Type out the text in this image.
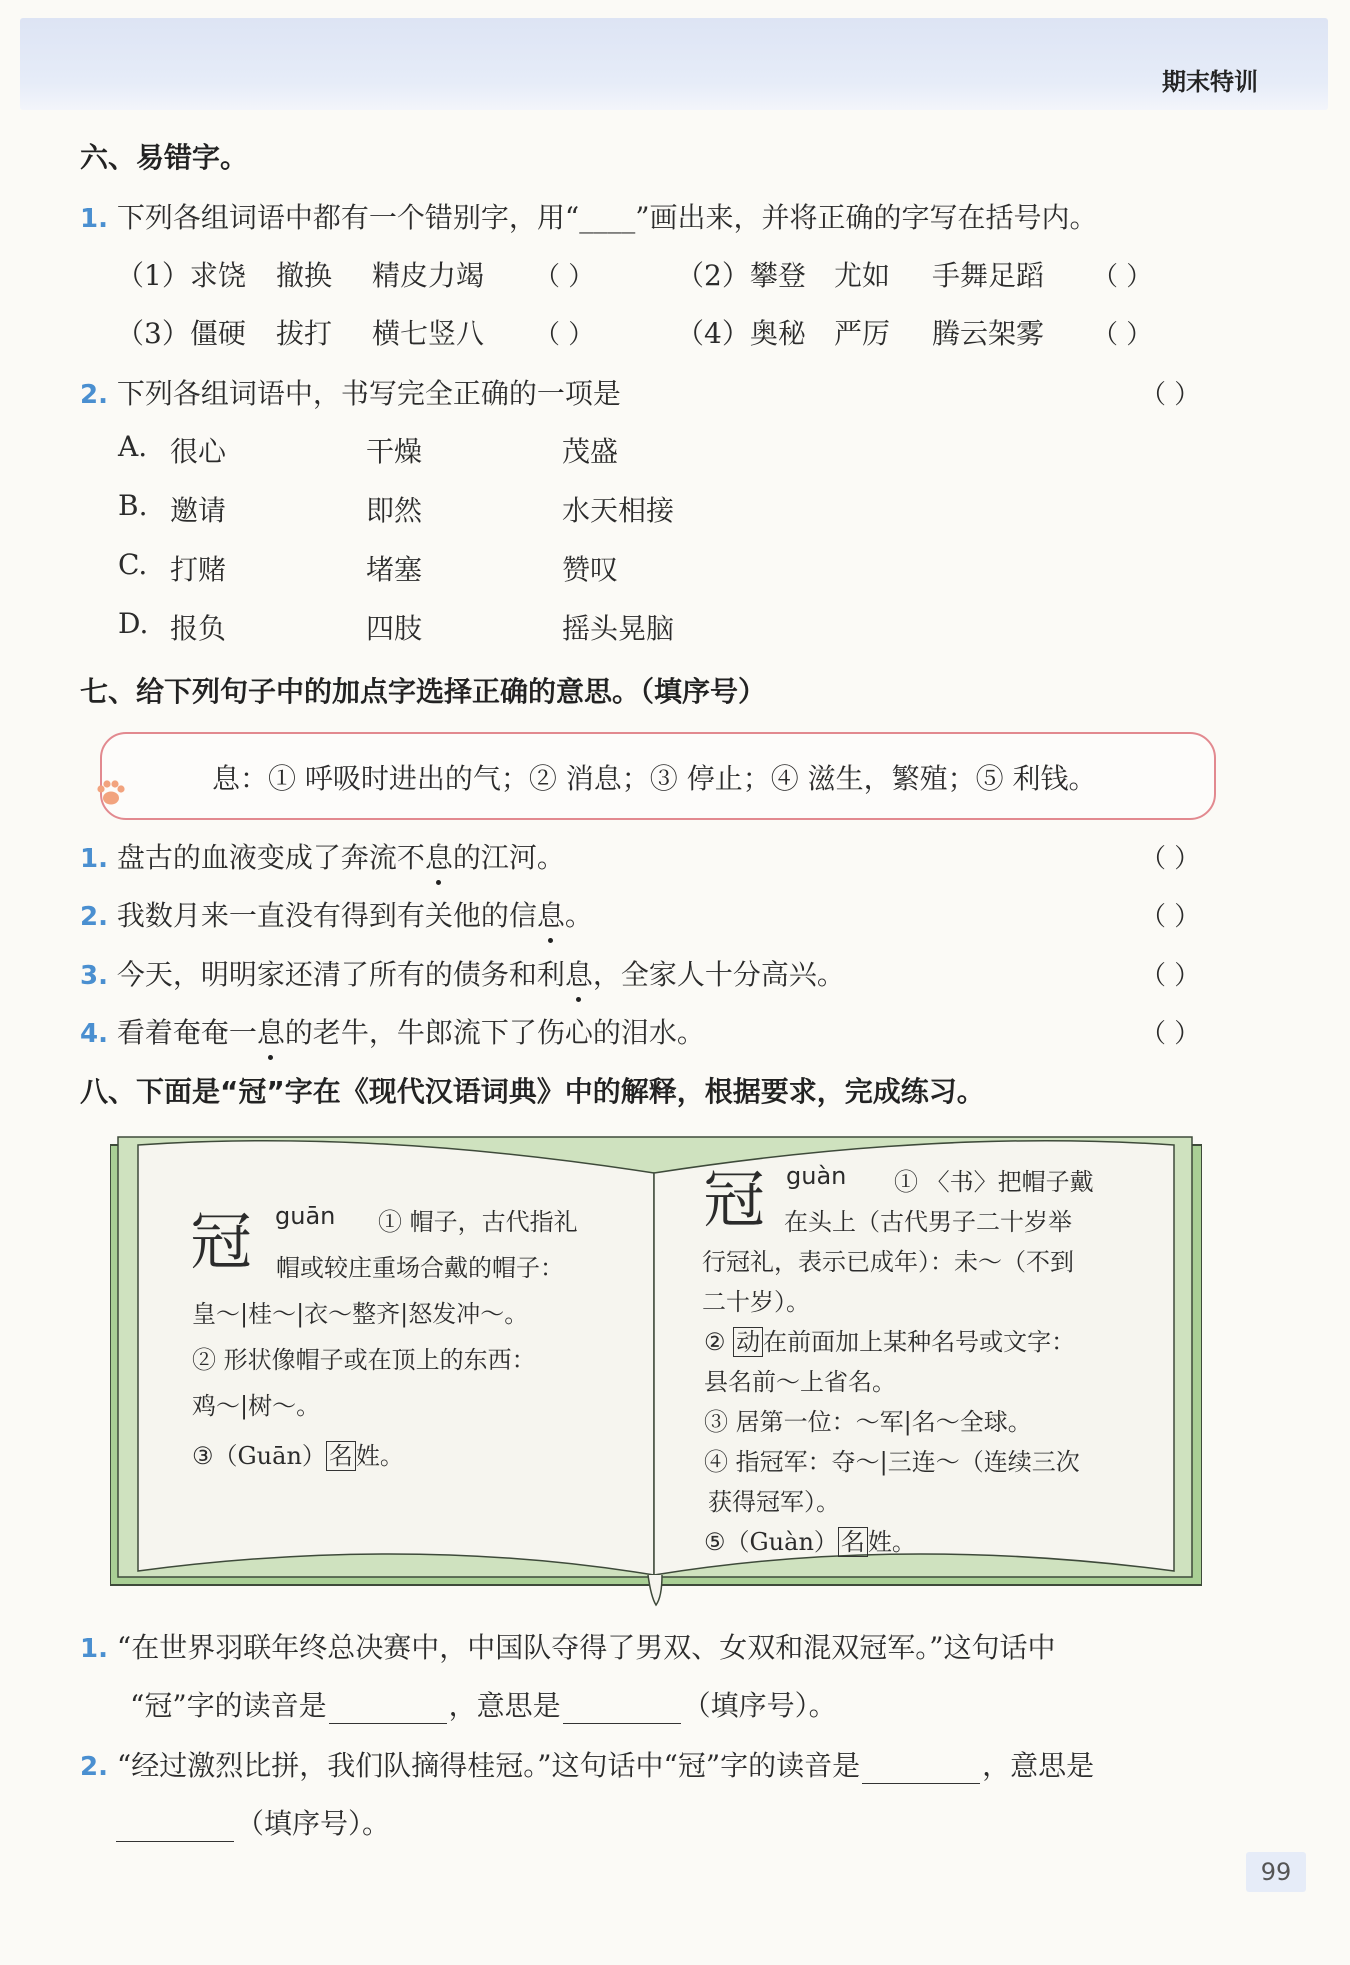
期末特训
六、易错字。
1. 下列各组词语中都有一个错别字，用“____”画出来，并将正确的字写在括号内。
（1）求饶 撤换 精皮力竭 （ ）	（2）攀登 尤如 手舞足蹈 （ ）
（3）僵硬 拔打 横七竖八 （ ）	（4）奥秘 严厉 腾云架雾 （ ）
2. 下列各组词语中，书写完全正确的一项是	（ ）
A. 很心	干燥	茂盛
B. 邀请	即然	水天相接
C. 打赌	堵塞	赞叹
D. 报负	四肢	摇头晃脑
七、给下列句子中的加点字选择正确的意思。（填序号）
息：① 呼吸时进出的气；② 消息；③ 停止；④ 滋生，繁殖；⑤ 利钱。
1. 盘古的血液变成了奔流不息的江河。	（ ）
2. 我数月来一直没有得到有关他的信息。	（ ）
3. 今天，明明家还清了所有的债务和利息，全家人十分高兴。	（ ）
4. 看着奄奄一息的老牛，牛郎流下了伤心的泪水。	（ ）
八、下面是“冠”字在《现代汉语词典》中的解释，根据要求，完成练习。
冠 guān ① 帽子，古代指礼
帽或较庄重场合戴的帽子：
皇～|桂～|衣～整齐|怒发冲～。
② 形状像帽子或在顶上的东西：
鸡～|树～。
③（Guān） 名 姓。
冠 guàn ① 〈书〉把帽子戴
在头上（古代男子二十岁举
行冠礼，表示已成年）：未～（不到
二十岁）。
② 动 在前面加上某种名号或文字：
县名前～上省名。
③ 居第一位：～军|名～全球。
④ 指冠军：夺～|三连～（连续三次
获得冠军）。
⑤（Guàn） 名 姓。
1. “在世界羽联年终总决赛中，中国队夺得了男双、女双和混双冠军。”这句话中
“冠”字的读音是	，意思是	（填序号）。
2. “经过激烈比拼，我们队摘得桂冠。”这句话中“冠”字的读音是	，意思是
（填序号）。
99
